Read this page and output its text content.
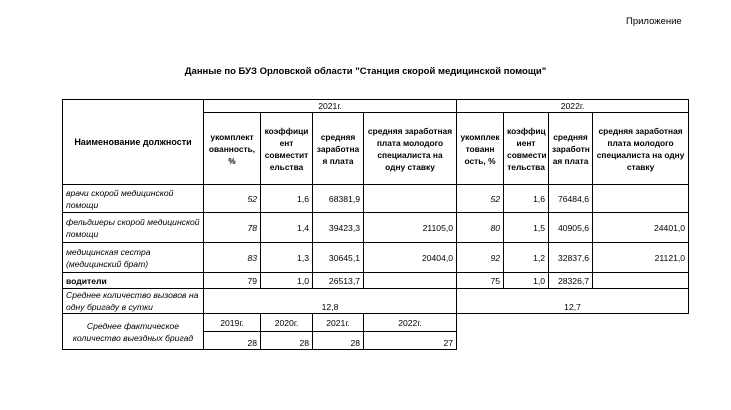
Приложение
Данные по БУЗ Орловской области "Станция скорой медицинской помощи"
Наименование должности	2021г.				2022г.			
	укомплект ованность, %	коэффици ент совместит ельства	средняя заработна я плата	средняя заработная плата молодого специалиста на одну ставку	укомплек тованн ость, %	коэффиц иент совмести тельства	средняя заработн ая плата	средняя заработная плата молодого специалиста на одну ставку
врачи скорой медицинской помощи	52	1,6	68381,9		52	1,6	76484,6	
фельдшеры скорой медицинской помощи	78	1,4	39423,3	21105,0	80	1,5	40905,6	24401,0
медицинская сестра (медицинский брат)	83	1,3	30645,1	20404,0	92	1,2	32837,6	21121,0
водители	79	1,0	26513,7		75	1,0	28326,7	
Среднее количество вызовов на одну бригаду в сутки	12,8				12,7			
Среднее фактическое количество выездных бригад	2019г.	2020г.	2021г.	2022г.				
	28	28	28	27				
